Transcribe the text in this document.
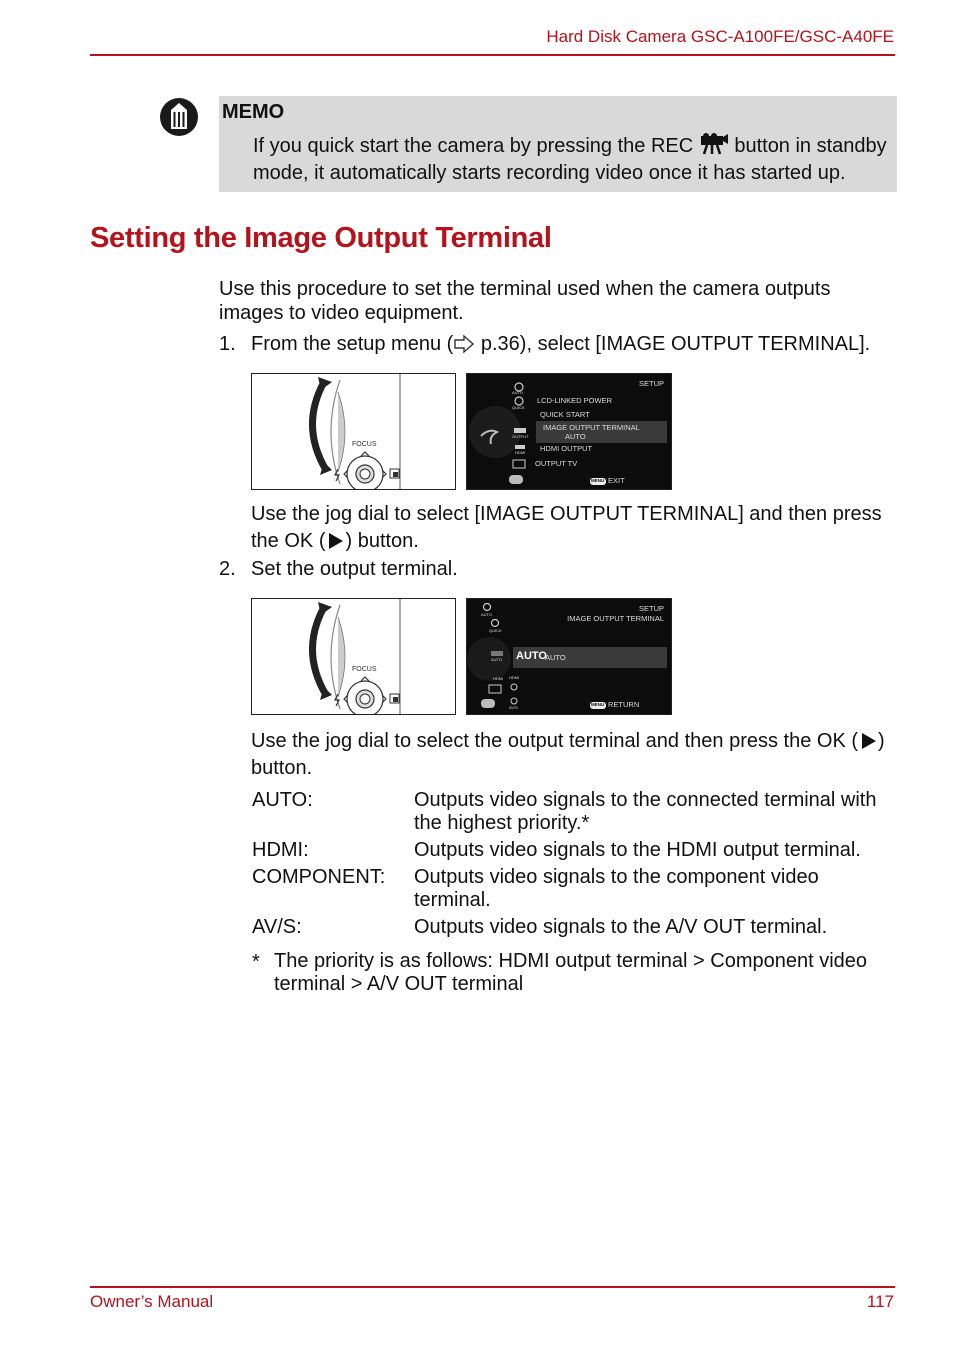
Hard Disk Camera GSC-A100FE/GSC-A40FE
MEMO
If you quick start the camera by pressing the REC button in standby mode, it automatically starts recording video once it has started up.
Setting the Image Output Terminal
Use this procedure to set the terminal used when the camera outputs images to video equipment.
1. From the setup menu ( p.36), select [IMAGE OUTPUT TERMINAL].
FOCUS
SETUP
LCD-LINKED POWER
QUICK START
IMAGE OUTPUT TERMINAL
AUTO
HDMI OUTPUT
OUTPUT TV
AUTO
QUICK
OUTPUT
HDMI
MENU EXIT
Use the jog dial to select [IMAGE OUTPUT TERMINAL] and then press the OK ( ) button.
2. Set the output terminal.
FOCUS
SETUP
IMAGE OUTPUT TERMINAL
AUTO
AUTO
AUTO
QUICK
AUTO
HDMI HDMI
AV/S
MENU RETURN
Use the jog dial to select the output terminal and then press the OK ( ) button.
AUTO:	Outputs video signals to the connected terminal with the highest priority.*
HDMI:	Outputs video signals to the HDMI output terminal.
COMPONENT: Outputs video signals to the component video terminal.
AV/S:	Outputs video signals to the A/V OUT terminal.
* The priority is as follows: HDMI output terminal > Component video terminal > A/V OUT terminal
Owner’s Manual	117
